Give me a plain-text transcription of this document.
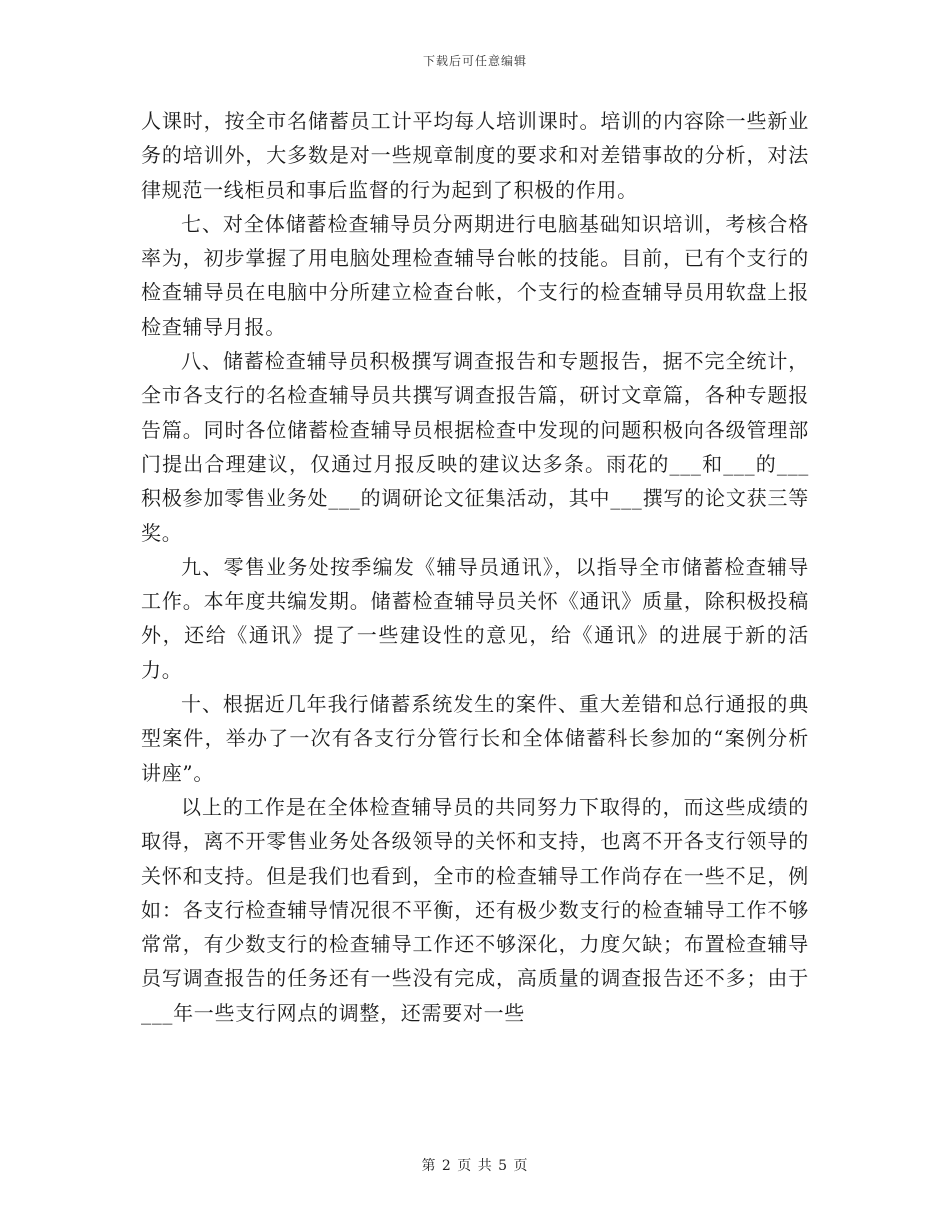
下载后可任意编辑

人课时，按全市名储蓄员工计平均每人培训课时。培训的内容除一些新业务的培训外，大多数是对一些规章制度的要求和对差错事故的分析，对法律规范一线柜员和事后监督的行为起到了积极的作用。

七、对全体储蓄检查辅导员分两期进行电脑基础知识培训，考核合格率为，初步掌握了用电脑处理检查辅导台帐的技能。目前，已有个支行的检查辅导员在电脑中分所建立检查台帐，个支行的检查辅导员用软盘上报检查辅导月报。

八、储蓄检查辅导员积极撰写调查报告和专题报告，据不完全统计，全市各支行的名检查辅导员共撰写调查报告篇，研讨文章篇，各种专题报告篇。同时各位储蓄检查辅导员根据检查中发现的问题积极向各级管理部门提出合理建议，仅通过月报反映的建议达多条。雨花的___和___的___积极参加零售业务处___的调研论文征集活动，其中___撰写的论文获三等奖。

九、零售业务处按季编发《辅导员通讯》，以指导全市储蓄检查辅导工作。本年度共编发期。储蓄检查辅导员关怀《通讯》质量，除积极投稿外，还给《通讯》提了一些建设性的意见，给《通讯》的进展于新的活力。

十、根据近几年我行储蓄系统发生的案件、重大差错和总行通报的典型案件，举办了一次有各支行分管行长和全体储蓄科长参加的“案例分析讲座”。

以上的工作是在全体检查辅导员的共同努力下取得的，而这些成绩的取得，离不开零售业务处各级领导的关怀和支持，也离不开各支行领导的关怀和支持。但是我们也看到，全市的检查辅导工作尚存在一些不足，例如：各支行检查辅导情况很不平衡，还有极少数支行的检查辅导工作不够常常，有少数支行的检查辅导工作还不够深化，力度欠缺；布置检查辅导员写调查报告的任务还有一些没有完成，高质量的调查报告还不多；由于___年一些支行网点的调整，还需要对一些

第 2 页 共 5 页
